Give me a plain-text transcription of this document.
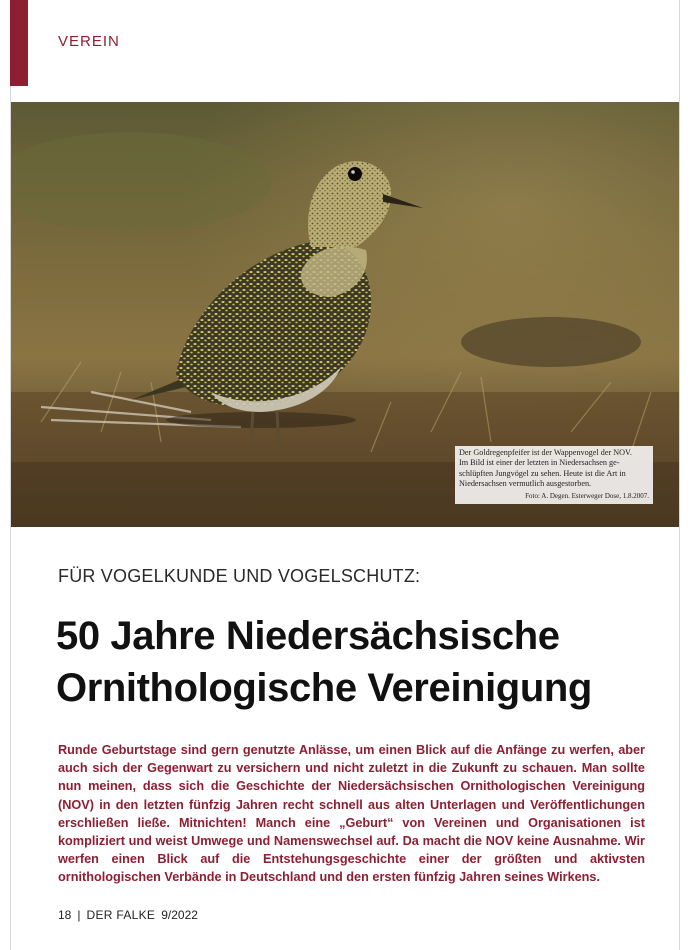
VEREIN
Der Goldregenpfeifer ist der Wappenvogel der NOV.
Im Bild ist einer der letzten in Niedersachsen ge-
schlüpften Jungvögel zu sehen. Heute ist die Art in
Niedersachsen vermutlich ausgestorben.
Foto: A. Degen. Esterweger Dose, 1.8.2007.
FÜR VOGELKUNDE UND VOGELSCHUTZ:
50 Jahre Niedersächsische
Ornithologische Vereinigung

Runde Geburtstage sind gern genutzte Anlässe, um einen Blick auf die Anfänge zu werfen, aber auch sich der Gegenwart zu versichern und nicht zuletzt in die Zukunft zu schauen. Man sollte nun meinen, dass sich die Geschichte der Niedersächsischen Ornithologischen Vereinigung (NOV) in den letzten fünfzig Jahren recht schnell aus alten Unterlagen und Veröffentlichungen erschließen ließe. Mitnichten! Manch eine „Geburt“ von Vereinen und Organisationen ist kompliziert und weist Umwege und Namenswechsel auf. Da macht die NOV keine Ausnahme. Wir werfen einen Blick auf die Entstehungsgeschichte einer der größten und aktivsten ornithologischen Verbände in Deutschland und den ersten fünfzig Jahren seines Wirkens.

18 | DER FALKE 9/2022
